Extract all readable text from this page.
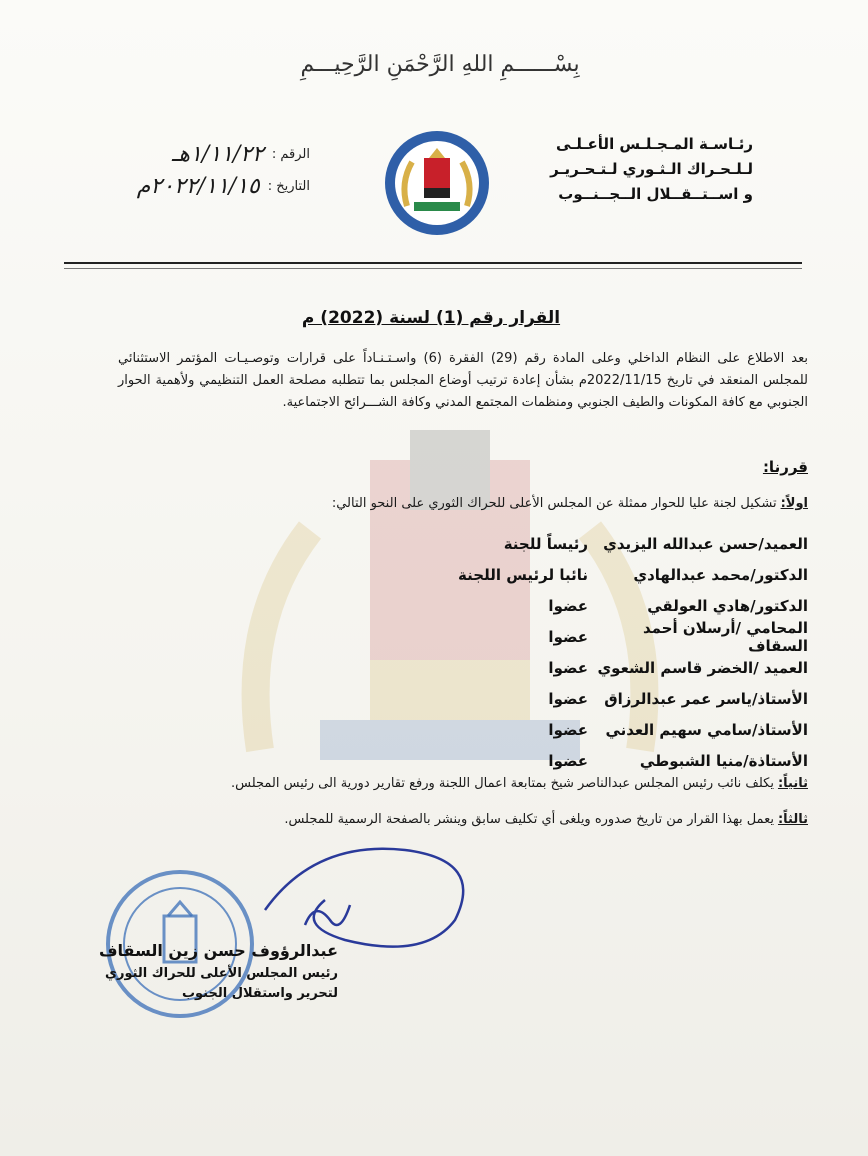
بِسْــــــمِ اللهِ الرَّحْمَنِ الرَّحِيـــمِ
رئـاسـة المـجـلـس الأعـلـى
لـلـحـراك الـثـوري لـتـحـريـر
و اســتــقــلال الــجــنــوب
الرقم :
١/١١/٢٢هـ
التاريخ :
٢٠٢٢/١١/١٥م
القرار رقم (1) لسنة (2022) م
بعد الاطلاع على النظام الداخلي وعلى المادة رقم (29) الفقرة (6) واسـتـنـاداً على قرارات وتوصـيـات المؤتمر الاستثنائي للمجلس المنعقد في تاريخ 2022/11/15م بشأن إعادة ترتيب أوضاع المجلس بما تتطلبه مصلحة العمل التنظيمي ولأهمية الحوار الجنوبي مع كافة المكونات والطيف الجنوبي ومنظمات المجتمع المدني وكافة الشـــرائح الاجتماعية.
قررنا:
اولاً:تشكيل لجنة عليا للحوار ممثلة عن المجلس الأعلى للحراك الثوري على النحو التالي:
العميد/حسن عبدالله اليزيدي
رئيساً للجنة
الدكتور/محمد عبدالهادي
نائبا لرئيس اللجنة
الدكتور/هادي العولقي
عضوا
المحامي /أرسلان أحمد السقاف
عضوا
العميد /الخضر قاسم الشعوي
عضوا
الأستاذ/ياسر عمر عبدالرزاق
عضوا
الأستاذ/سامي سهيم العدني
عضوا
الأستاذة/منيا الشبوطي
عضوا
ثانياً:يكلف نائب رئيس المجلس عبدالناصر شيخ بمتابعة اعمال اللجنة ورفع تقارير دورية الى رئيس المجلس.
ثالثاً:يعمل بهذا القرار من تاريخ صدوره ويلغى أي تكليف سابق وينشر بالصفحة الرسمية للمجلس.
عبدالرؤوف حسن زين السقاف
رئيس المجلس الأعلى للحراك الثوري
لتحرير واستقلال الجنوب
